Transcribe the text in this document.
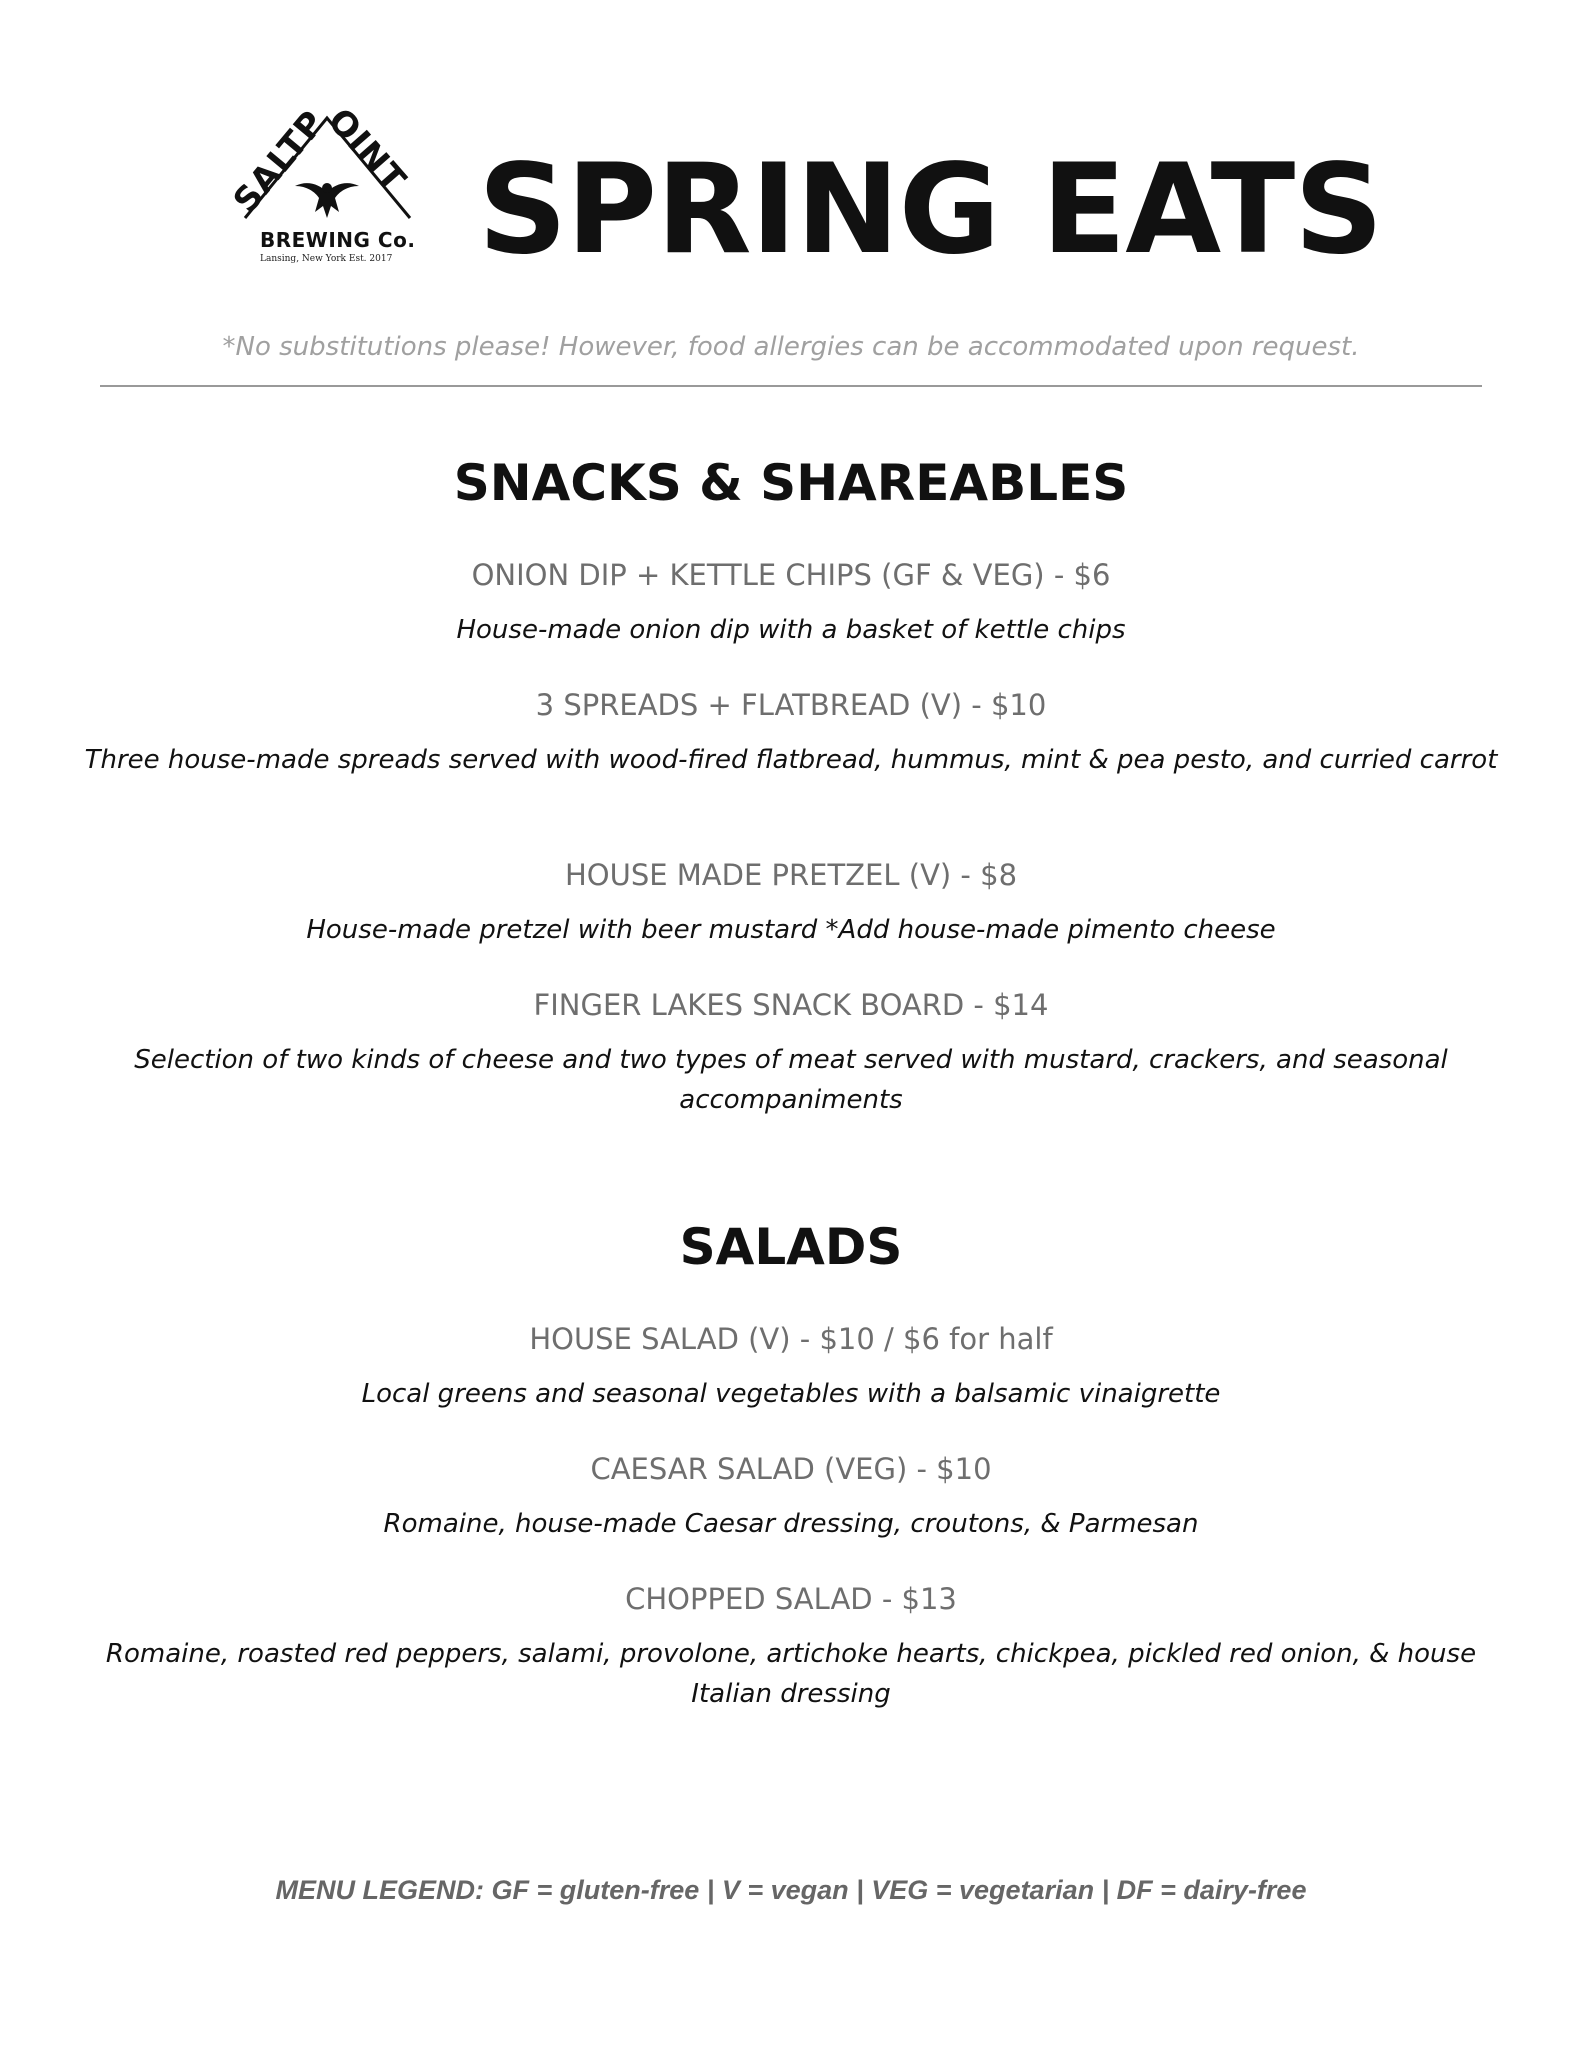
SALTPOINT
BREWING Co.
Lansing, New York Est. 2017 SPRING EATS
*No substitutions please! However, food allergies can be accommodated upon request.
SNACKS & SHAREABLES
ONION DIP + KETTLE CHIPS (GF & VEG) - $6
House-made onion dip with a basket of kettle chips
3 SPREADS + FLATBREAD (V) - $10
Three house-made spreads served with wood-fired flatbread, hummus, mint & pea pesto, and curried carrot
HOUSE MADE PRETZEL (V) - $8
House-made pretzel with beer mustard *Add house-made pimento cheese
FINGER LAKES SNACK BOARD - $14
Selection of two kinds of cheese and two types of meat served with mustard, crackers, and seasonal accompaniments
SALADS
HOUSE SALAD (V) - $10 / $6 for half
Local greens and seasonal vegetables with a balsamic vinaigrette
CAESAR SALAD (VEG) - $10
Romaine, house-made Caesar dressing, croutons, & Parmesan
CHOPPED SALAD - $13
Romaine, roasted red peppers, salami, provolone, artichoke hearts, chickpea, pickled red onion, & house Italian dressing
MENU LEGEND: GF = gluten-free | V = vegan | VEG = vegetarian | DF = dairy-free
